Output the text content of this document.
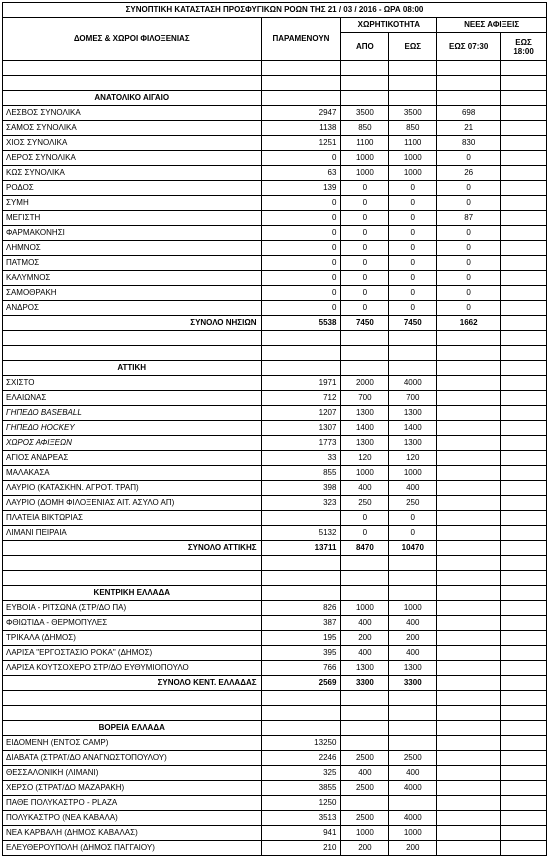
ΣΥΝΟΠΤΙΚΗ ΚΑΤΑΣΤΑΣΗ ΠΡΟΣΦΥΓΙΚΩΝ ΡΟΩΝ ΤΗΣ 21 / 03 / 2016 - ΩΡΑ 08:00					
ΔΟΜΕΣ & ΧΩΡΟΙ ΦΙΛΟΞΕΝΙΑΣ	ΠΑΡΑΜΕΝΟΥΝ	ΧΩΡΗΤΙΚΟΤΗΤΑ		ΝΕΕΣ ΑΦΙΞΕΙΣ	
		ΑΠΟ	ΕΩΣ	ΕΩΣ 07:30	ΕΩΣ 18:00

ΑΝΑΤΟΛΙΚΟ ΑΙΓΑΙΟ					
ΛΕΣΒΟΣ ΣΥΝΟΛΙΚΑ	2947	3500	3500	698	
ΣΑΜΟΣ ΣΥΝΟΛΙΚΑ	1138	850	850	21	
ΧΙΟΣ ΣΥΝΟΛΙΚΑ	1251	1100	1100	830	
ΛΕΡΟΣ ΣΥΝΟΛΙΚΑ	0	1000	1000	0	
ΚΩΣ ΣΥΝΟΛΙΚΑ	63	1000	1000	26	
ΡΟΔΟΣ	139	0	0	0	
ΣΥΜΗ	0	0	0	0	
ΜΕΓΙΣΤΗ	0	0	0	87	
ΦΑΡΜΑΚΟΝΗΣΙ	0	0	0	0	
ΛΗΜΝΟΣ	0	0	0	0	
ΠΑΤΜΟΣ	0	0	0	0	
ΚΑΛΥΜΝΟΣ	0	0	0	0	
ΣΑΜΟΘΡΑΚΗ	0	0	0	0	
ΑΝΔΡΟΣ	0	0	0	0	
ΣΥΝΟΛΟ ΝΗΣΙΩΝ	5538	7450	7450	1662	

ΑΤΤΙΚΗ					
ΣΧΙΣΤΟ	1971	2000	4000		
ΕΛΑΙΩΝΑΣ	712	700	700		
ΓΗΠΕΔΟ BASEBALL	1207	1300	1300		
ΓΗΠΕΔΟ HOCKEY	1307	1400	1400		
ΧΩΡΟΣ ΑΦΙΞΕΩΝ	1773	1300	1300		
ΑΓΙΟΣ ΑΝΔΡΕΑΣ	33	120	120		
ΜΑΛΑΚΑΣΑ	855	1000	1000		
ΛΑΥΡΙΟ (ΚΑΤΑΣΚΗΝ. ΑΓΡΟΤ. ΤΡΑΠ)	398	400	400		
ΛΑΥΡΙΟ (ΔΟΜΗ ΦΙΛΟΞΕΝΙΑΣ ΑΙΤ. ΑΣΥΛΟ ΑΠ)	323	250	250		
ΠΛΑΤΕΙΑ ΒΙΚΤΩΡΙΑΣ		0	0		
ΛΙΜΑΝΙ ΠΕΙΡΑΙΑ	5132	0	0		
ΣΥΝΟΛΟ ΑΤΤΙΚΗΣ	13711	8470	10470		

ΚΕΝΤΡΙΚΗ ΕΛΛΑΔΑ					
ΕΥΒΟΙΑ - ΡΙΤΣΩΝΑ (ΣΤΡ/ΔΟ ΠΑ)	826	1000	1000		
ΦΘΙΩΤΙΔΑ - ΘΕΡΜΟΠΥΛΕΣ	387	400	400		
ΤΡΙΚΑΛΑ (ΔΗΜΟΣ)	195	200	200		
ΛΑΡΙΣΑ "ΕΡΓΟΣΤΑΣΙΟ ΡΟΚΑ" (ΔΗΜΟΣ)	395	400	400		
ΛΑΡΙΣΑ ΚΟΥΤΣΟΧΕΡΟ ΣΤΡ/ΔΟ ΕΥΘΥΜΙΟΠΟΥΛΟ	766	1300	1300		
ΣΥΝΟΛΟ ΚΕΝΤ. ΕΛΛΑΔΑΣ	2569	3300	3300		

ΒΟΡΕΙΑ ΕΛΛΑΔΑ					
ΕΙΔΟΜΕΝΗ (ΕΝΤΟΣ CAMP)	13250				
ΔΙΑΒΑΤΑ (ΣΤΡΑΤ/ΔΟ ΑΝΑΓΝΩΣΤΟΠΟΥΛΟΥ)	2246	2500	2500		
ΘΕΣΣΑΛΟΝΙΚΗ (ΛΙΜΑΝΙ)	325	400	400		
ΧΕΡΣΟ (ΣΤΡΑΤ/ΔΟ ΜΑΖΑΡΑΚΗ)	3855	2500	4000		
ΠΑΘΕ ΠΟΛΥΚΑΣΤΡΟ - PLAZA	1250				
ΠΟΛΥΚΑΣΤΡΟ (ΝΕΑ ΚΑΒΑΛΑ)	3513	2500	4000		
ΝΕΑ ΚΑΡΒΑΛΗ (ΔΗΜΟΣ ΚΑΒΑΛΑΣ)	941	1000	1000		
ΕΛΕΥΘΕΡΟΥΠΟΛΗ (ΔΗΜΟΣ ΠΑΓΓΑΙΟΥ)	210	200	200		
